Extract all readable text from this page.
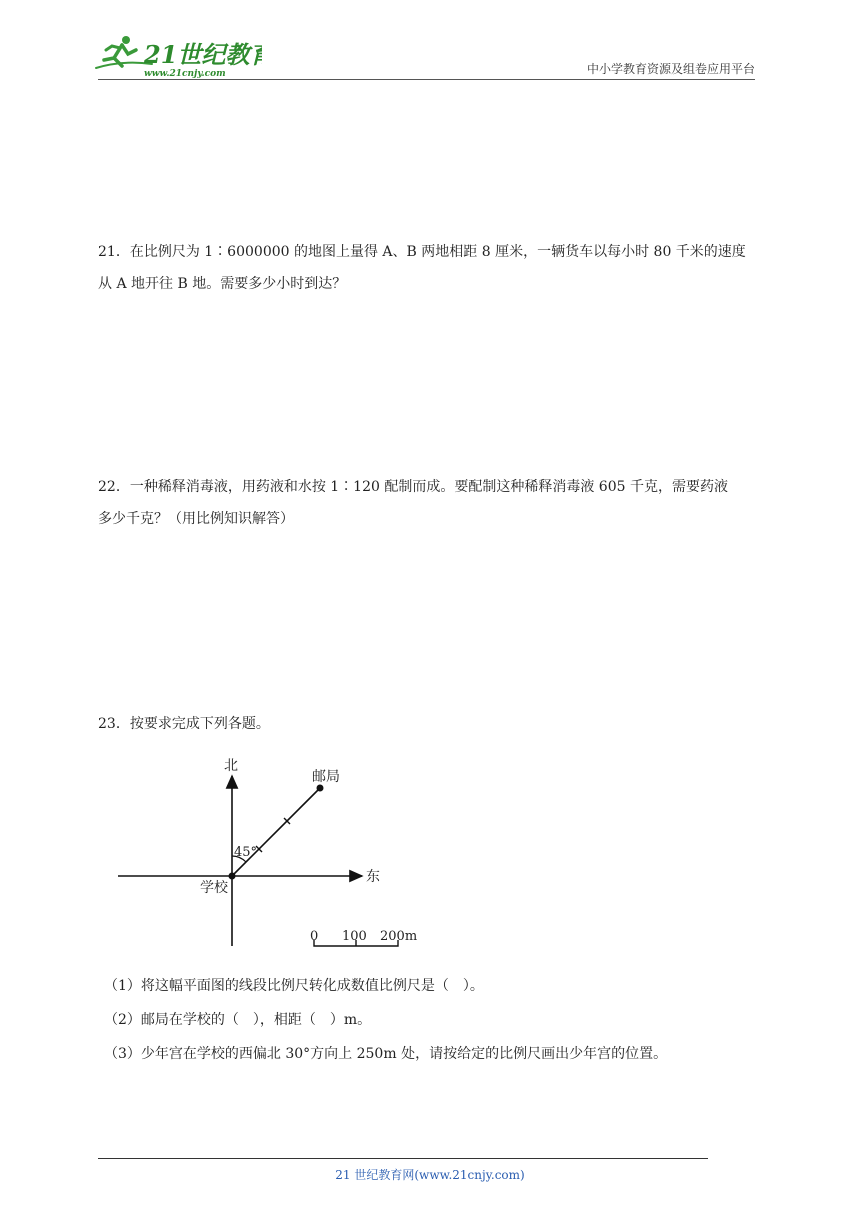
21世纪教育
www.21cnjy.com	中小学教育资源及组卷应用平台

21．在比例尺为 1∶6000000 的地图上量得 A、B 两地相距 8 厘米，一辆货车以每小时 80 千米的速度

从 A 地开往 B 地。需要多少小时到达？

22．一种稀释消毒液，用药液和水按 1∶120 配制而成。要配制这种稀释消毒液 605 千克，需要药液

多少千克？（用比例知识解答）

23．按要求完成下列各题。

北
东
学校
邮局
45°
0 100 200m
（1）将这幅平面图的线段比例尺转化成数值比例尺是（　）。
（2）邮局在学校的（　），相距（　）m。
（3）少年宫在学校的西偏北 30°方向上 250m 处，请按给定的比例尺画出少年宫的位置。
21 世纪教育网(www.21cnjy.com)
